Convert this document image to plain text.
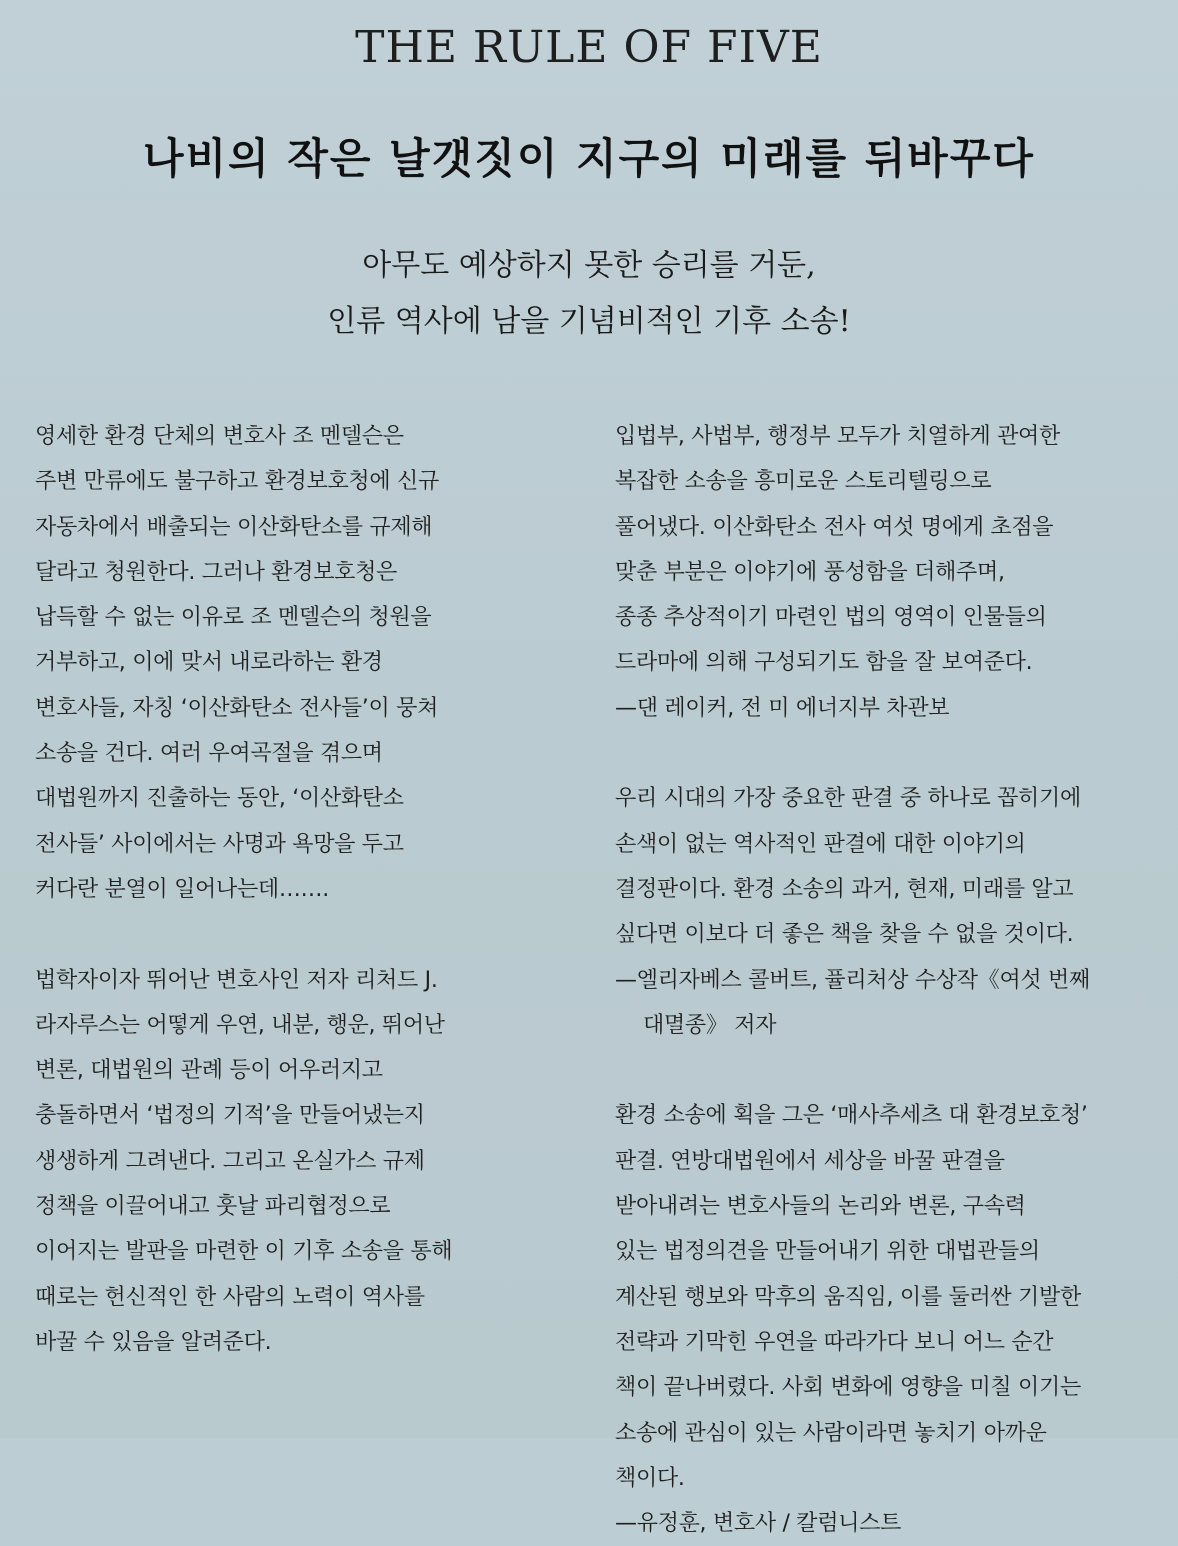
THE RULE OF FIVE
나비의 작은 날갯짓이 지구의 미래를 뒤바꾸다
아무도 예상하지 못한 승리를 거둔,
인류 역사에 남을 기념비적인 기후 소송!
영세한 환경 단체의 변호사 조 멘델슨은
주변 만류에도 불구하고 환경보호청에 신규
자동차에서 배출되는 이산화탄소를 규제해
달라고 청원한다. 그러나 환경보호청은
납득할 수 없는 이유로 조 멘델슨의 청원을
거부하고, 이에 맞서 내로라하는 환경
변호사들, 자칭 ‘이산화탄소 전사들’이 뭉쳐
소송을 건다. 여러 우여곡절을 겪으며
대법원까지 진출하는 동안, ‘이산화탄소
전사들’ 사이에서는 사명과 욕망을 두고
커다란 분열이 일어나는데…….
법학자이자 뛰어난 변호사인 저자 리처드 J.
라자루스는 어떻게 우연, 내분, 행운, 뛰어난
변론, 대법원의 관례 등이 어우러지고
충돌하면서 ‘법정의 기적’을 만들어냈는지
생생하게 그려낸다. 그리고 온실가스 규제
정책을 이끌어내고 훗날 파리협정으로
이어지는 발판을 마련한 이 기후 소송을 통해
때로는 헌신적인 한 사람의 노력이 역사를
바꿀 수 있음을 알려준다.
입법부, 사법부, 행정부 모두가 치열하게 관여한
복잡한 소송을 흥미로운 스토리텔링으로
풀어냈다. 이산화탄소 전사 여섯 명에게 초점을
맞춘 부분은 이야기에 풍성함을 더해주며,
종종 추상적이기 마련인 법의 영역이 인물들의
드라마에 의해 구성되기도 함을 잘 보여준다.
—댄 레이커, 전 미 에너지부 차관보
우리 시대의 가장 중요한 판결 중 하나로 꼽히기에
손색이 없는 역사적인 판결에 대한 이야기의
결정판이다. 환경 소송의 과거, 현재, 미래를 알고
싶다면 이보다 더 좋은 책을 찾을 수 없을 것이다.
—엘리자베스 콜버트, 퓰리처상 수상작《여섯 번째
대멸종》 저자
환경 소송에 획을 그은 ‘매사추세츠 대 환경보호청’
판결. 연방대법원에서 세상을 바꿀 판결을
받아내려는 변호사들의 논리와 변론, 구속력
있는 법정의견을 만들어내기 위한 대법관들의
계산된 행보와 막후의 움직임, 이를 둘러싼 기발한
전략과 기막힌 우연을 따라가다 보니 어느 순간
책이 끝나버렸다. 사회 변화에 영향을 미칠 이기는
소송에 관심이 있는 사람이라면 놓치기 아까운
책이다.
—유정훈, 변호사 / 칼럼니스트
